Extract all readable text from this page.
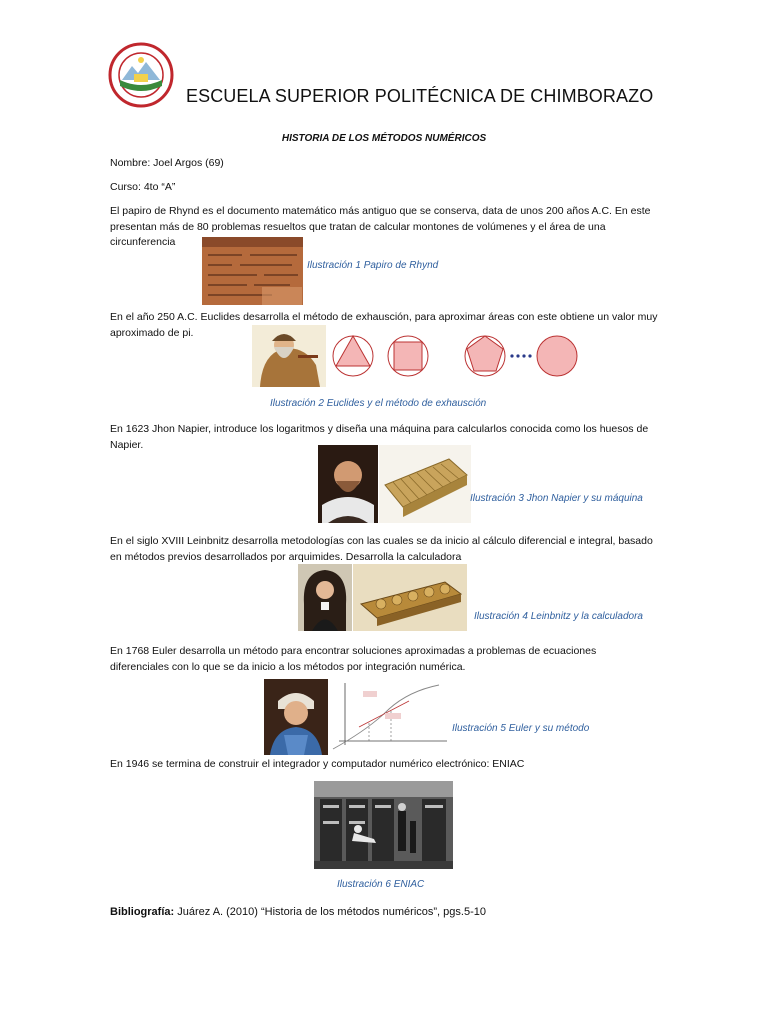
ESCUELA SUPERIOR POLITÉCNICA DE CHIMBORAZO
HISTORIA DE LOS MÉTODOS NUMÉRICOS
Nombre: Joel Argos (69)
Curso: 4to “A”
El papiro de Rhynd es el documento matemático más antiguo que se conserva, data de unos 200 años A.C. En este
presentan más de 80 problemas resueltos que tratan de calcular montones de volúmenes y el área de una
circunferencia
Ilustración 1 Papiro de Rhynd
En el año 250 A.C. Euclides desarrolla el método de exhausción, para aproximar áreas con este obtiene un valor muy
aproximado de pi.
Ilustración 2 Euclides y el método de exhausción
En 1623 Jhon Napier, introduce los logaritmos y diseña una máquina para calcularlos conocida como los huesos de
Napier.
Ilustración 3 Jhon Napier y su máquina
En el siglo XVIII Leinbnitz desarrolla metodologías con las cuales se da inicio al cálculo diferencial e integral, basado
en métodos previos desarrollados por arquimides. Desarrolla la calculadora
Ilustración 4 Leinbnitz y la calculadora
En 1768 Euler desarrolla un método para encontrar soluciones aproximadas a problemas de ecuaciones
diferenciales con lo que se da inicio a los métodos por integración numérica.
Ilustración 5 Euler y su método
En 1946 se termina de construir el integrador y computador numérico electrónico: ENIAC
Ilustración 6 ENIAC
Bibliografía: Juárez A. (2010) “Historia de los métodos numéricos”, pgs.5-10
